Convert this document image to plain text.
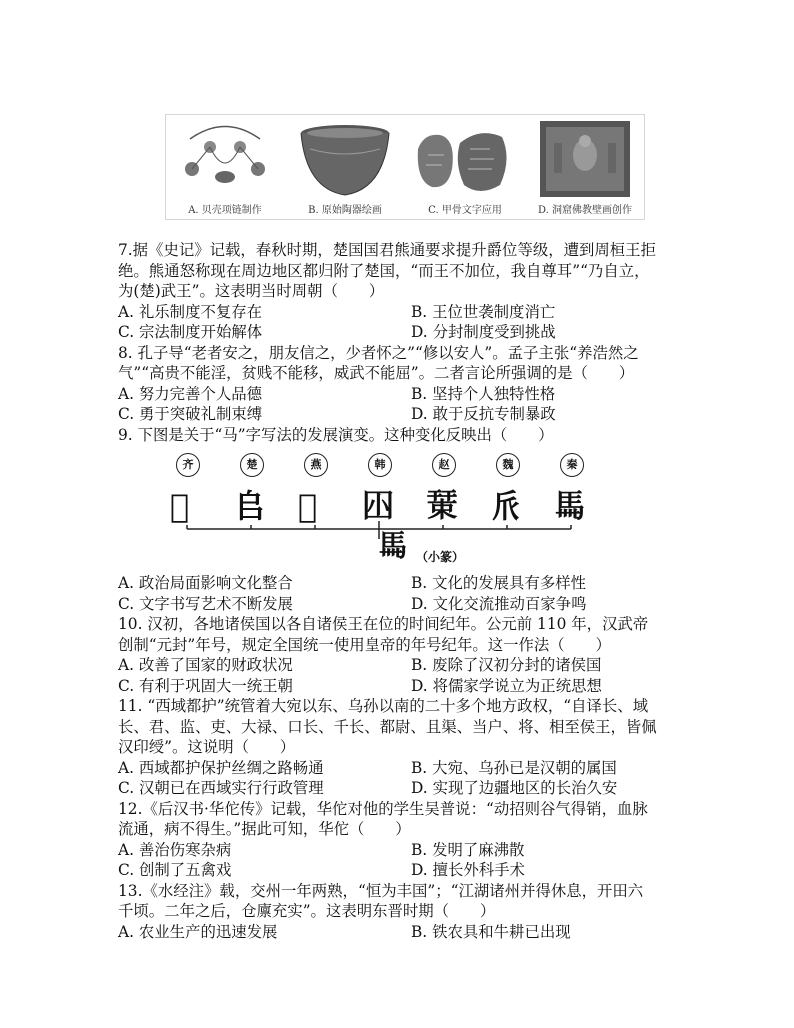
A. 贝壳项链制作	B. 原始陶器绘画	C. 甲骨文字应用	D. 洞窟佛教壁画创作

7.据《史记》记载，春秋时期，楚国国君熊通要求提升爵位等级，遭到周桓王拒绝。熊通怒称现在周边地区都归附了楚国，“而王不加位，我自尊耳”“乃自立，为(楚)武王”。这表明当时周朝（　　）

A. 礼乐制度不复存在	B. 王位世袭制度消亡
C. 宗法制度开始解体	D. 分封制度受到挑战

8. 孔子导“老者安之，朋友信之，少者怀之”“修以安人”。孟子主张“养浩然之气”“高贵不能淫，贫贱不能移，威武不能屈”。二者言论所强调的是（　　）

A. 努力完善个人品德	B. 坚持个人独特性格
C. 勇于突破礼制束缚	D. 敢于反抗专制暴政

9. 下图是关于“马”字写法的发展演变。这种变化反映出（　　）

齐	楚	燕	韩	赵	魏	秦
𢑚 𠂤 𢀳 𡆧 𢆞 𠂢 𩡧
𩡧 （小篆）
A. 政治局面影响文化整合	B. 文化的发展具有多样性
C. 文字书写艺术不断发展	D. 文化交流推动百家争鸣

10. 汉初，各地诸侯国以各自诸侯王在位的时间纪年。公元前 110 年，汉武帝创制“元封”年号，规定全国统一使用皇帝的年号纪年。这一作法（　　）

A. 改善了国家的财政状况	B. 废除了汉初分封的诸侯国
C. 有利于巩固大一统王朝	D. 将儒家学说立为正统思想

11. “西域都护”统管着大宛以东、乌孙以南的二十多个地方政权，“自译长、域长、君、监、吏、大禄、口长、千长、都尉、且渠、当户、将、相至侯王，皆佩汉印绶”。这说明（　　）

A. 西域都护保护丝绸之路畅通	B. 大宛、乌孙已是汉朝的属国
C. 汉朝已在西域实行行政管理	D. 实现了边疆地区的长治久安

12.《后汉书·华佗传》记载，华佗对他的学生吴普说：“动招则谷气得销，血脉流通，病不得生。”据此可知，华佗（　　）

A. 善治伤寒杂病	B. 发明了麻沸散
C. 创制了五禽戏	D. 擅长外科手术

13.《水经注》载，交州一年两熟，“恒为丰国”；“江湖诸州并得休息，开田六千顷。二年之后，仓廪充实”。这表明东晋时期（　　）

A. 农业生产的迅速发展	B. 铁农具和牛耕已出现
